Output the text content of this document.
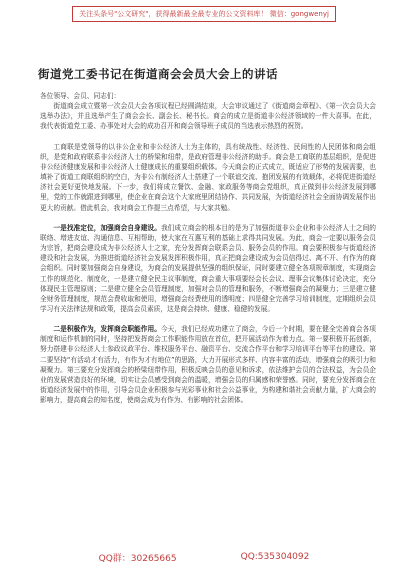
关注头条号"公文研究"，获得最新最全最专业的公文资料库！ 微信：gongwenyj
街道党工委书记在街道商会会员大会上的讲话

各位领导、会员、同志们：

街道商会成立暨第一次会员大会各项议程已经圆满结束，大会审议通过了《街道商会章程》、《第一次会员大会选举办法》，并且选举产生了商会会长、副会长、秘书长。商会的成立是街道非公经济领域的一件大喜事。在此，我代表街道党工委、办事处对大会的成功召开和商会领导班子成员的当选表示热烈的祝贺。

工商联是党领导的以非公企业和非公经济人士为主体的，具有统战性、经济性、民间性的人民团体和商会组织，是党和政府联系非公经济人士的桥梁和纽带，是政府管理非公经济的助手。商会是工商联的基层组织，是促进非公经济健康发展和非公经济人士健康成长的重要组织载体。今天商会的正式成立，既适应了形势的发展需要，也填补了街道工商联组织的空白，为非公有制经济人士搭建了一个联谊交流、抱团发展的有效载体，必将促进街道经济社会更好更快地发展。下一步，我们将成立餐饮、金融、家政服务等商会党组织，真正做到非公经济发展到哪里，党的工作就跟进到哪里，使企业在商会这个大家庭里团结协作、共同发展，为街道经济社会全面协调发展作出更大的贡献。借此机会，我对商会工作提三点希望，与大家共勉。

一是找准定位，加强商会自身建设。我们成立商会的根本目的是为了加强街道非公企业和非公经济人士之间的联络、增进友谊、沟通信息、互相帮助，使大家在互惠互利的基础上求得共同发展。为此，商会一定要以服务会员为宗旨，把商会建设成为非公经济人士之家，充分发挥商会联系会员、服务会员的作用。商会要积极参与街道经济建设和社会发展，为推进街道经济社会发展发挥积极作用，真正把商会建设成为会员信得过、离不开、有作为的商会组织。同时要加强商会自身建设，为商会的发展提供坚强的组织保证，同时要建立健全各项规章制度，实现商会工作的规范化、制度化，一是建立健全民主议事制度，商会重大事项要经会长会议、理事会议集体讨论决定，充分体现民主管理原则；二是建立健全会员管理制度，加强对会员的管理和服务，不断增强商会的凝聚力；三是建立健全财务管理制度，规范会费收取和使用，增强商会经费使用的透明度；四是健全完善学习培训制度，定期组织会员学习有关法律法规和政策，提高会员素质，这是商会持续、健康、稳健的发展。

二是积极作为，发挥商会职能作用。今天，我们已经成功建立了商会，今后一个时期，要在健全完善商会各项制度和运作机制的同时，坚持把发挥商会工作职能作用放在首位，把开展活动作为着力点。第一要积极开拓创新，努力搭建非公经济人士参政议政平台、维权服务平台、融资平台、交流合作平台和学习培训平台等平台的建设。第二要坚持“有活动才有活力，有作为才有地位”的思路，大力开展形式多样、内容丰富的活动，增强商会的吸引力和凝聚力。第三要充分发挥商会的桥梁纽带作用，积极反映会员的意见和诉求，依法维护会员的合法权益，为会员企业的发展营造良好的环境，切实让会员感受到商会的温暖，增强会员的归属感和荣誉感。同时，要充分发挥商会在街道经济发展中的作用，引导会员企业积极参与光彩事业和社会公益事业，为构建和谐社会贡献力量，扩大商会的影响力，提高商会的知名度，使商会成为有作为、有影响的社会团体。

QQ群：30265665	QQ:535304092
